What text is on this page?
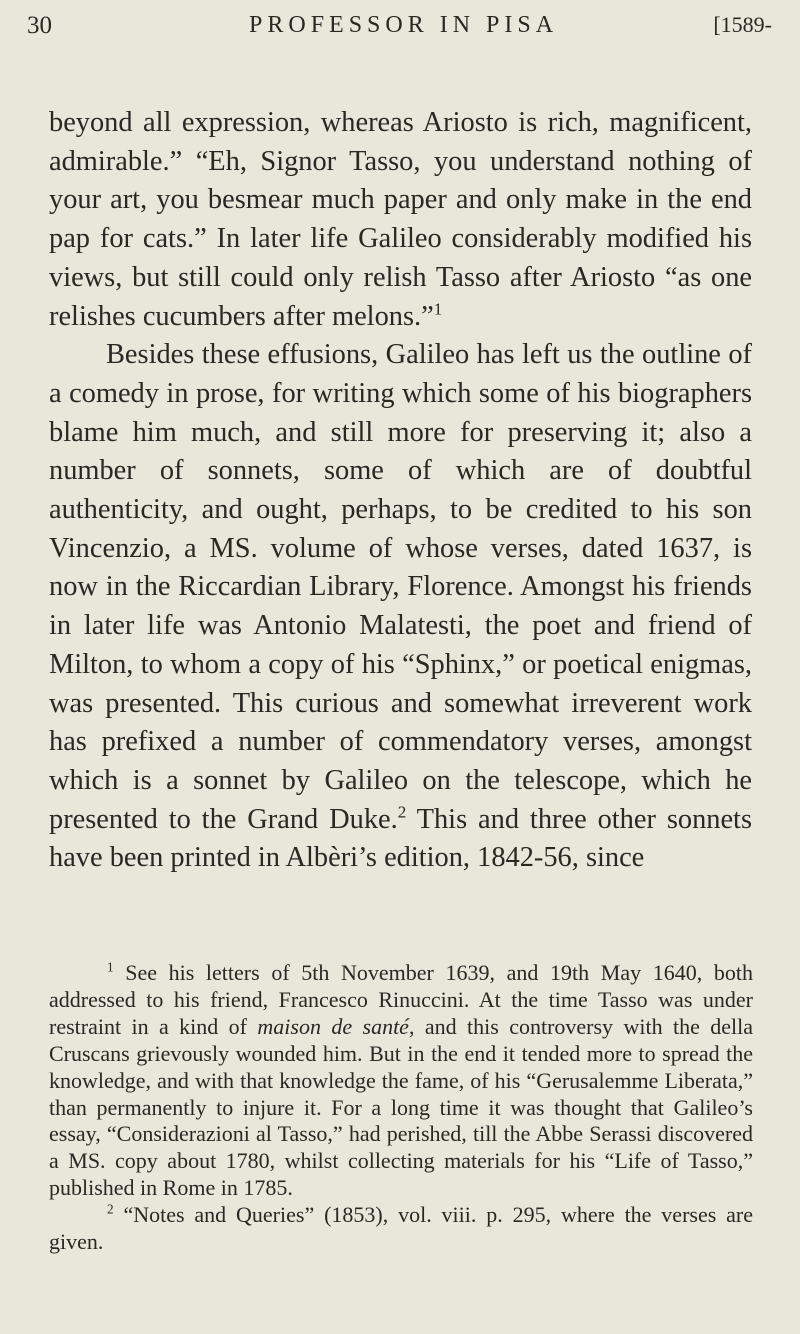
30	PROFESSOR IN PISA	[1589-

beyond all expression, whereas Ariosto is rich, magnificent, admirable.” “Eh, Signor Tasso, you understand nothing of your art, you besmear much paper and only make in the end pap for cats.” In later life Galileo considerably modified his views, but still could only relish Tasso after Ariosto “as one relishes cucumbers after melons.”$^1$

Besides these effusions, Galileo has left us the outline of a comedy in prose, for writing which some of his biographers blame him much, and still more for preserving it; also a number of sonnets, some of which are of doubtful authenticity, and ought, perhaps, to be credited to his son Vincenzio, a MS. volume of whose verses, dated 1637, is now in the Riccardian Library, Florence. Amongst his friends in later life was Antonio Malatesti, the poet and friend of Milton, to whom a copy of his “Sphinx,” or poetical enigmas, was presented. This curious and somewhat irreverent work has prefixed a number of commendatory verses, amongst which is a sonnet by Galileo on the telescope, which he presented to the Grand Duke.$^2$ This and three other sonnets have been printed in Albèri’s edition, 1842-56, since

$^1$ See his letters of 5th November 1639, and 19th May 1640, both addressed to his friend, Francesco Rinuccini. At the time Tasso was under restraint in a kind of maison de santé, and this controversy with the della Cruscans grievously wounded him. But in the end it tended more to spread the knowledge, and with that knowledge the fame, of his “Gerusalemme Liberata,” than permanently to injure it. For a long time it was thought that Galileo’s essay, “Considerazioni al Tasso,” had perished, till the Abbe Serassi discovered a MS. copy about 1780, whilst collecting materials for his “Life of Tasso,” published in Rome in 1785.

$^2$ “Notes and Queries” (1853), vol. viii. p. 295, where the verses are given.
